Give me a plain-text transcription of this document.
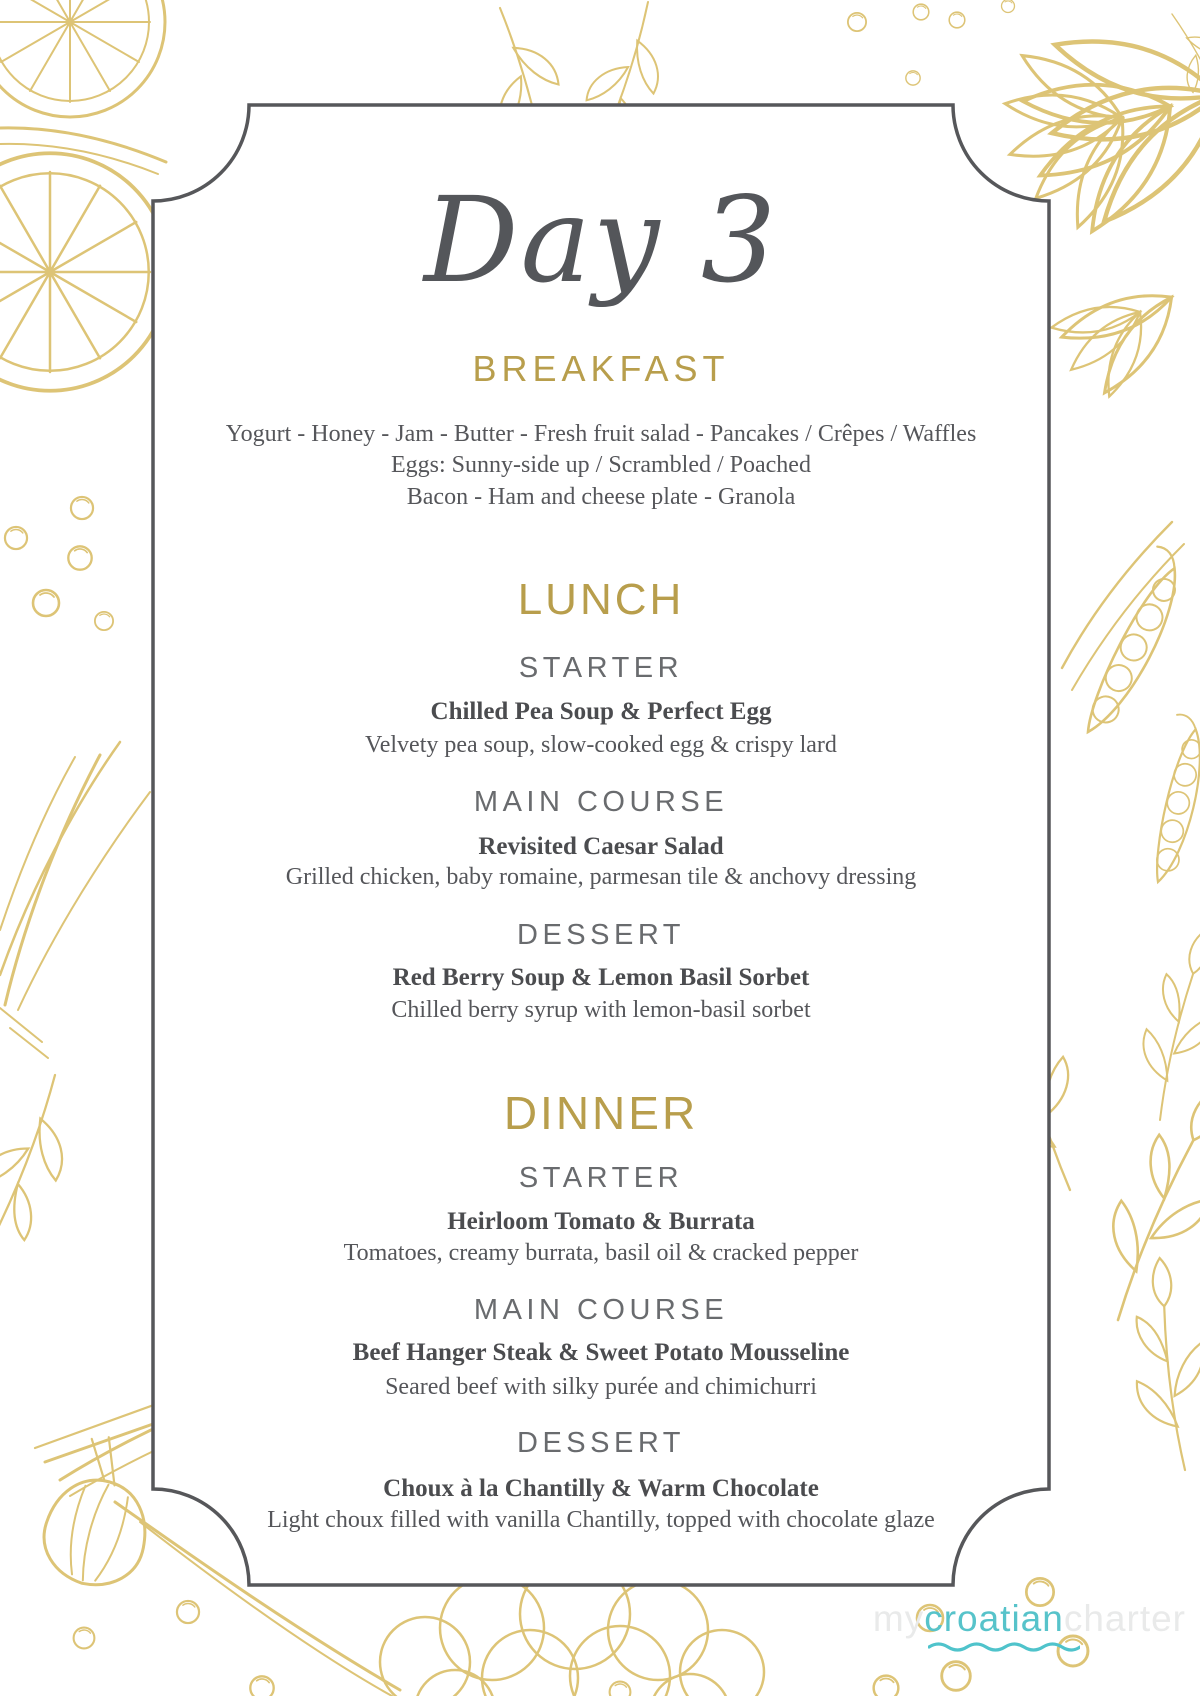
Day 3
BREAKFAST
Yogurt - Honey - Jam - Butter - Fresh fruit salad - Pancakes / Crêpes / Waffles
Eggs: Sunny-side up / Scrambled / Poached
Bacon - Ham and cheese plate - Granola
LUNCH
STARTER
Chilled Pea Soup & Perfect Egg
Velvety pea soup, slow-cooked egg & crispy lard
MAIN COURSE
Revisited Caesar Salad
Grilled chicken, baby romaine, parmesan tile & anchovy dressing
DESSERT
Red Berry Soup & Lemon Basil Sorbet
Chilled berry syrup with lemon-basil sorbet
DINNER
STARTER
Heirloom Tomato & Burrata
Tomatoes, creamy burrata, basil oil & cracked pepper
MAIN COURSE
Beef Hanger Steak & Sweet Potato Mousseline
Seared beef with silky purée and chimichurri
DESSERT
Choux à la Chantilly & Warm Chocolate
Light choux filled with vanilla Chantilly, topped with chocolate glaze
mycroatian
charter
